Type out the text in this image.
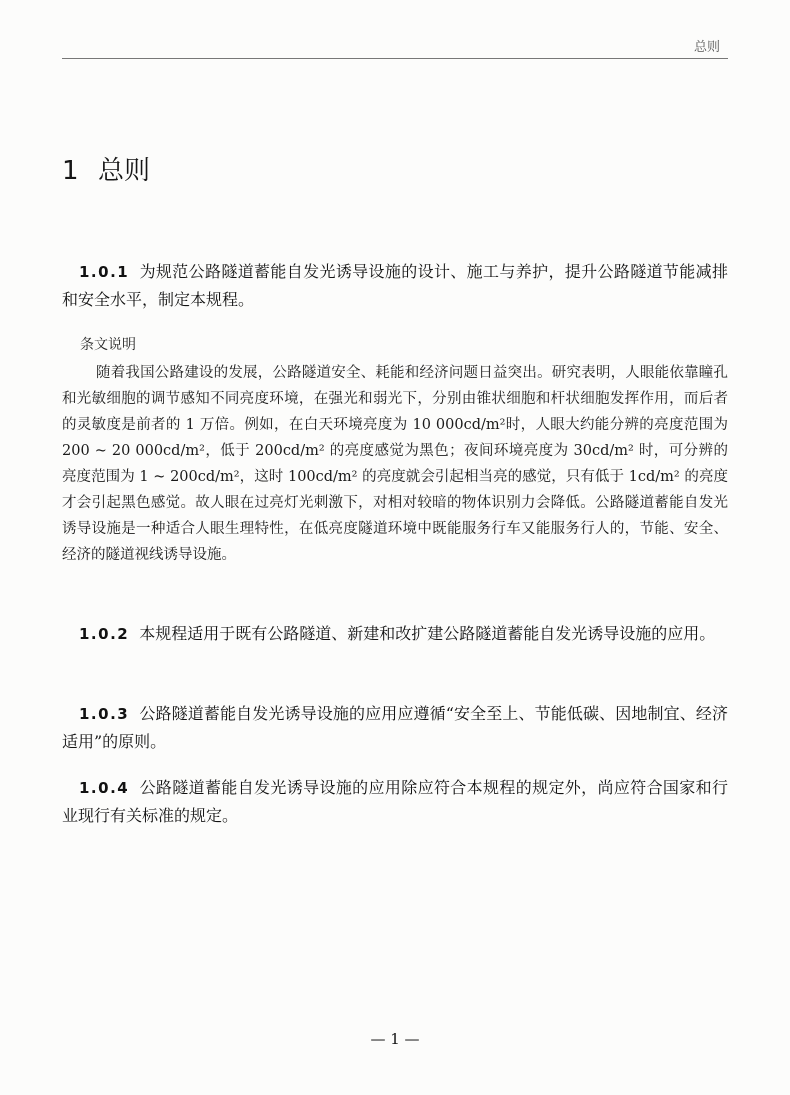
总则
1 总则
1.0.1 为规范公路隧道蓄能自发光诱导设施的设计、施工与养护，提升公路隧道节能减排和安全水平，制定本规程。
条文说明
随着我国公路建设的发展，公路隧道安全、耗能和经济问题日益突出。研究表明，人眼能依靠瞳孔和光敏细胞的调节感知不同亮度环境，在强光和弱光下，分别由锥状细胞和杆状细胞发挥作用，而后者的灵敏度是前者的 1 万倍。例如，在白天环境亮度为 10 000cd/m²时，人眼大约能分辨的亮度范围为 200 ~ 20 000cd/m²，低于 200cd/m² 的亮度感觉为黑色；夜间环境亮度为 30cd/m² 时，可分辨的亮度范围为 1 ~ 200cd/m²，这时 100cd/m² 的亮度就会引起相当亮的感觉，只有低于 1cd/m² 的亮度才会引起黑色感觉。故人眼在过亮灯光刺激下，对相对较暗的物体识别力会降低。公路隧道蓄能自发光诱导设施是一种适合人眼生理特性，在低亮度隧道环境中既能服务行车又能服务行人的，节能、安全、经济的隧道视线诱导设施。
1.0.2 本规程适用于既有公路隧道、新建和改扩建公路隧道蓄能自发光诱导设施的应用。
1.0.3 公路隧道蓄能自发光诱导设施的应用应遵循“安全至上、节能低碳、因地制宜、经济适用”的原则。
1.0.4 公路隧道蓄能自发光诱导设施的应用除应符合本规程的规定外，尚应符合国家和行业现行有关标准的规定。
— 1 —
